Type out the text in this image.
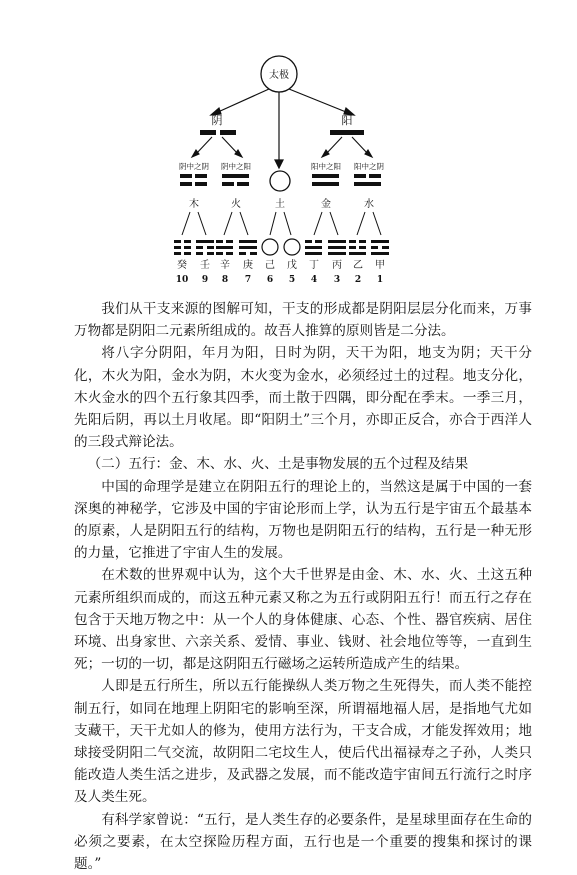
太极
阴	阳
阴中之阴 阴中之阳	阳中之阳 阳中之阴
木	火	土	金	水
癸 壬 辛 庚 己 戊 丁 丙 乙 甲
10 9 8 7 6 5 4 3 2 1

我们从干支来源的图解可知，干支的形成都是阴阳层层分化而来，万事万物都是阴阳二元素所组成的。故吾人推算的原则皆是二分法。

将八字分阴阳，年月为阳，日时为阴，天干为阳，地支为阴；天干分化，木火为阳，金水为阴，木火变为金水，必须经过土的过程。地支分化，木火金水的四个五行象其四季，而土散于四隅，即分配在季末。一季三月，先阳后阴，再以土月收尾。即“阳阴土”三个月，亦即正反合，亦合于西洋人的三段式辩论法。

（二）五行：金、木、水、火、土是事物发展的五个过程及结果

中国的命理学是建立在阴阳五行的理论上的，当然这是属于中国的一套深奥的神秘学，它涉及中国的宇宙论形而上学，认为五行是宇宙五个最基本的原素，人是阴阳五行的结构，万物也是阴阳五行的结构，五行是一种无形的力量，它推进了宇宙人生的发展。

在术数的世界观中认为，这个大千世界是由金、木、水、火、土这五种元素所组织而成的，而这五种元素又称之为五行或阴阳五行！而五行之存在包含于天地万物之中：从一个人的身体健康、心态、个性、器官疾病、居住环境、出身家世、六亲关系、爱情、事业、钱财、社会地位等等，一直到生死；一切的一切，都是这阴阳五行磁场之运转所造成产生的结果。

人即是五行所生，所以五行能操纵人类万物之生死得失，而人类不能控制五行，如同在地理上阴阳宅的影响至深，所谓福地福人居，是指地气尤如支藏干，天干尤如人的修为，使用方法行为，干支合成，才能发挥效用；地球接受阴阳二气交流，故阴阳二宅坟生人，使后代出福禄寿之子孙，人类只能改造人类生活之进步，及武器之发展，而不能改造宇宙间五行流行之时序及人类生死。

有科学家曾说：“五行，是人类生存的必要条件，是星球里面存在生命的必须之要素，在太空探险历程方面，五行也是一个重要的搜集和探讨的课题。”
